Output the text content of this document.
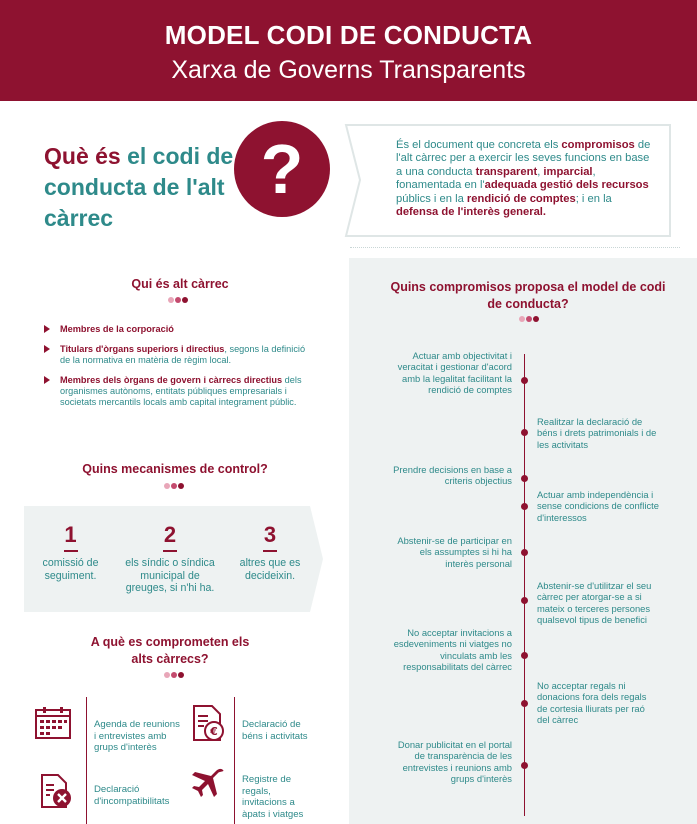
MODEL CODI DE CONDUCTA
Xarxa de Governs Transparents
Què és el codi de conducta de l'alt càrrec
?	És el document que concreta els compromisos de l'alt càrrec per a exercir les seves funcions en base a una conducta transparent, imparcial, fonamentada en l'adequada gestió dels recursos públics i en la rendició de comptes; i en la defensa de l'interès general.
Qui és alt càrrec
Membres de la corporació
Titulars d'òrgans superiors i directius, segons la definició de la normativa en matèria de règim local.
Membres dels òrgans de govern i càrrecs directius dels organismes autònoms, entitats públiques empresarials i societats mercantils locals amb capital integrament públic.
Quins mecanismes de control?
1
comissió de seguiment.
2
els síndic o síndica municipal de greuges, si n'hi ha.
3
altres que es decideixin.
A què es comprometen els alts càrrecs?
Agenda de reunions i entrevistes amb grups d'interès
€
Declaració de béns i activitats
Declaració d'incompatibilitats
Registre de regals, invitacions a àpats i viatges
Quins compromisos proposa el model de codi de conducta?
Actuar amb objectivitat i veracitat i gestionar d'acord amb la legalitat facilitant la rendició de comptes
Realitzar la declaració de béns i drets patrimonials i de les activitats
Prendre decisions en base a criteris objectius
Actuar amb independència i sense condicions de conflicte d'interessos
Abstenir-se de participar en els assumptes si hi ha interès personal
Abstenir-se d'utilitzar el seu càrrec per atorgar-se a si mateix o terceres persones qualsevol tipus de benefici
No acceptar invitacions a esdeveniments ni viatges no vinculats amb les responsabilitats del càrrec
No acceptar regals ni donacions fora dels regals de cortesia lliurats per raó del càrrec
Donar publicitat en el portal de transparència de les entrevistes i reunions amb grups d'interès
